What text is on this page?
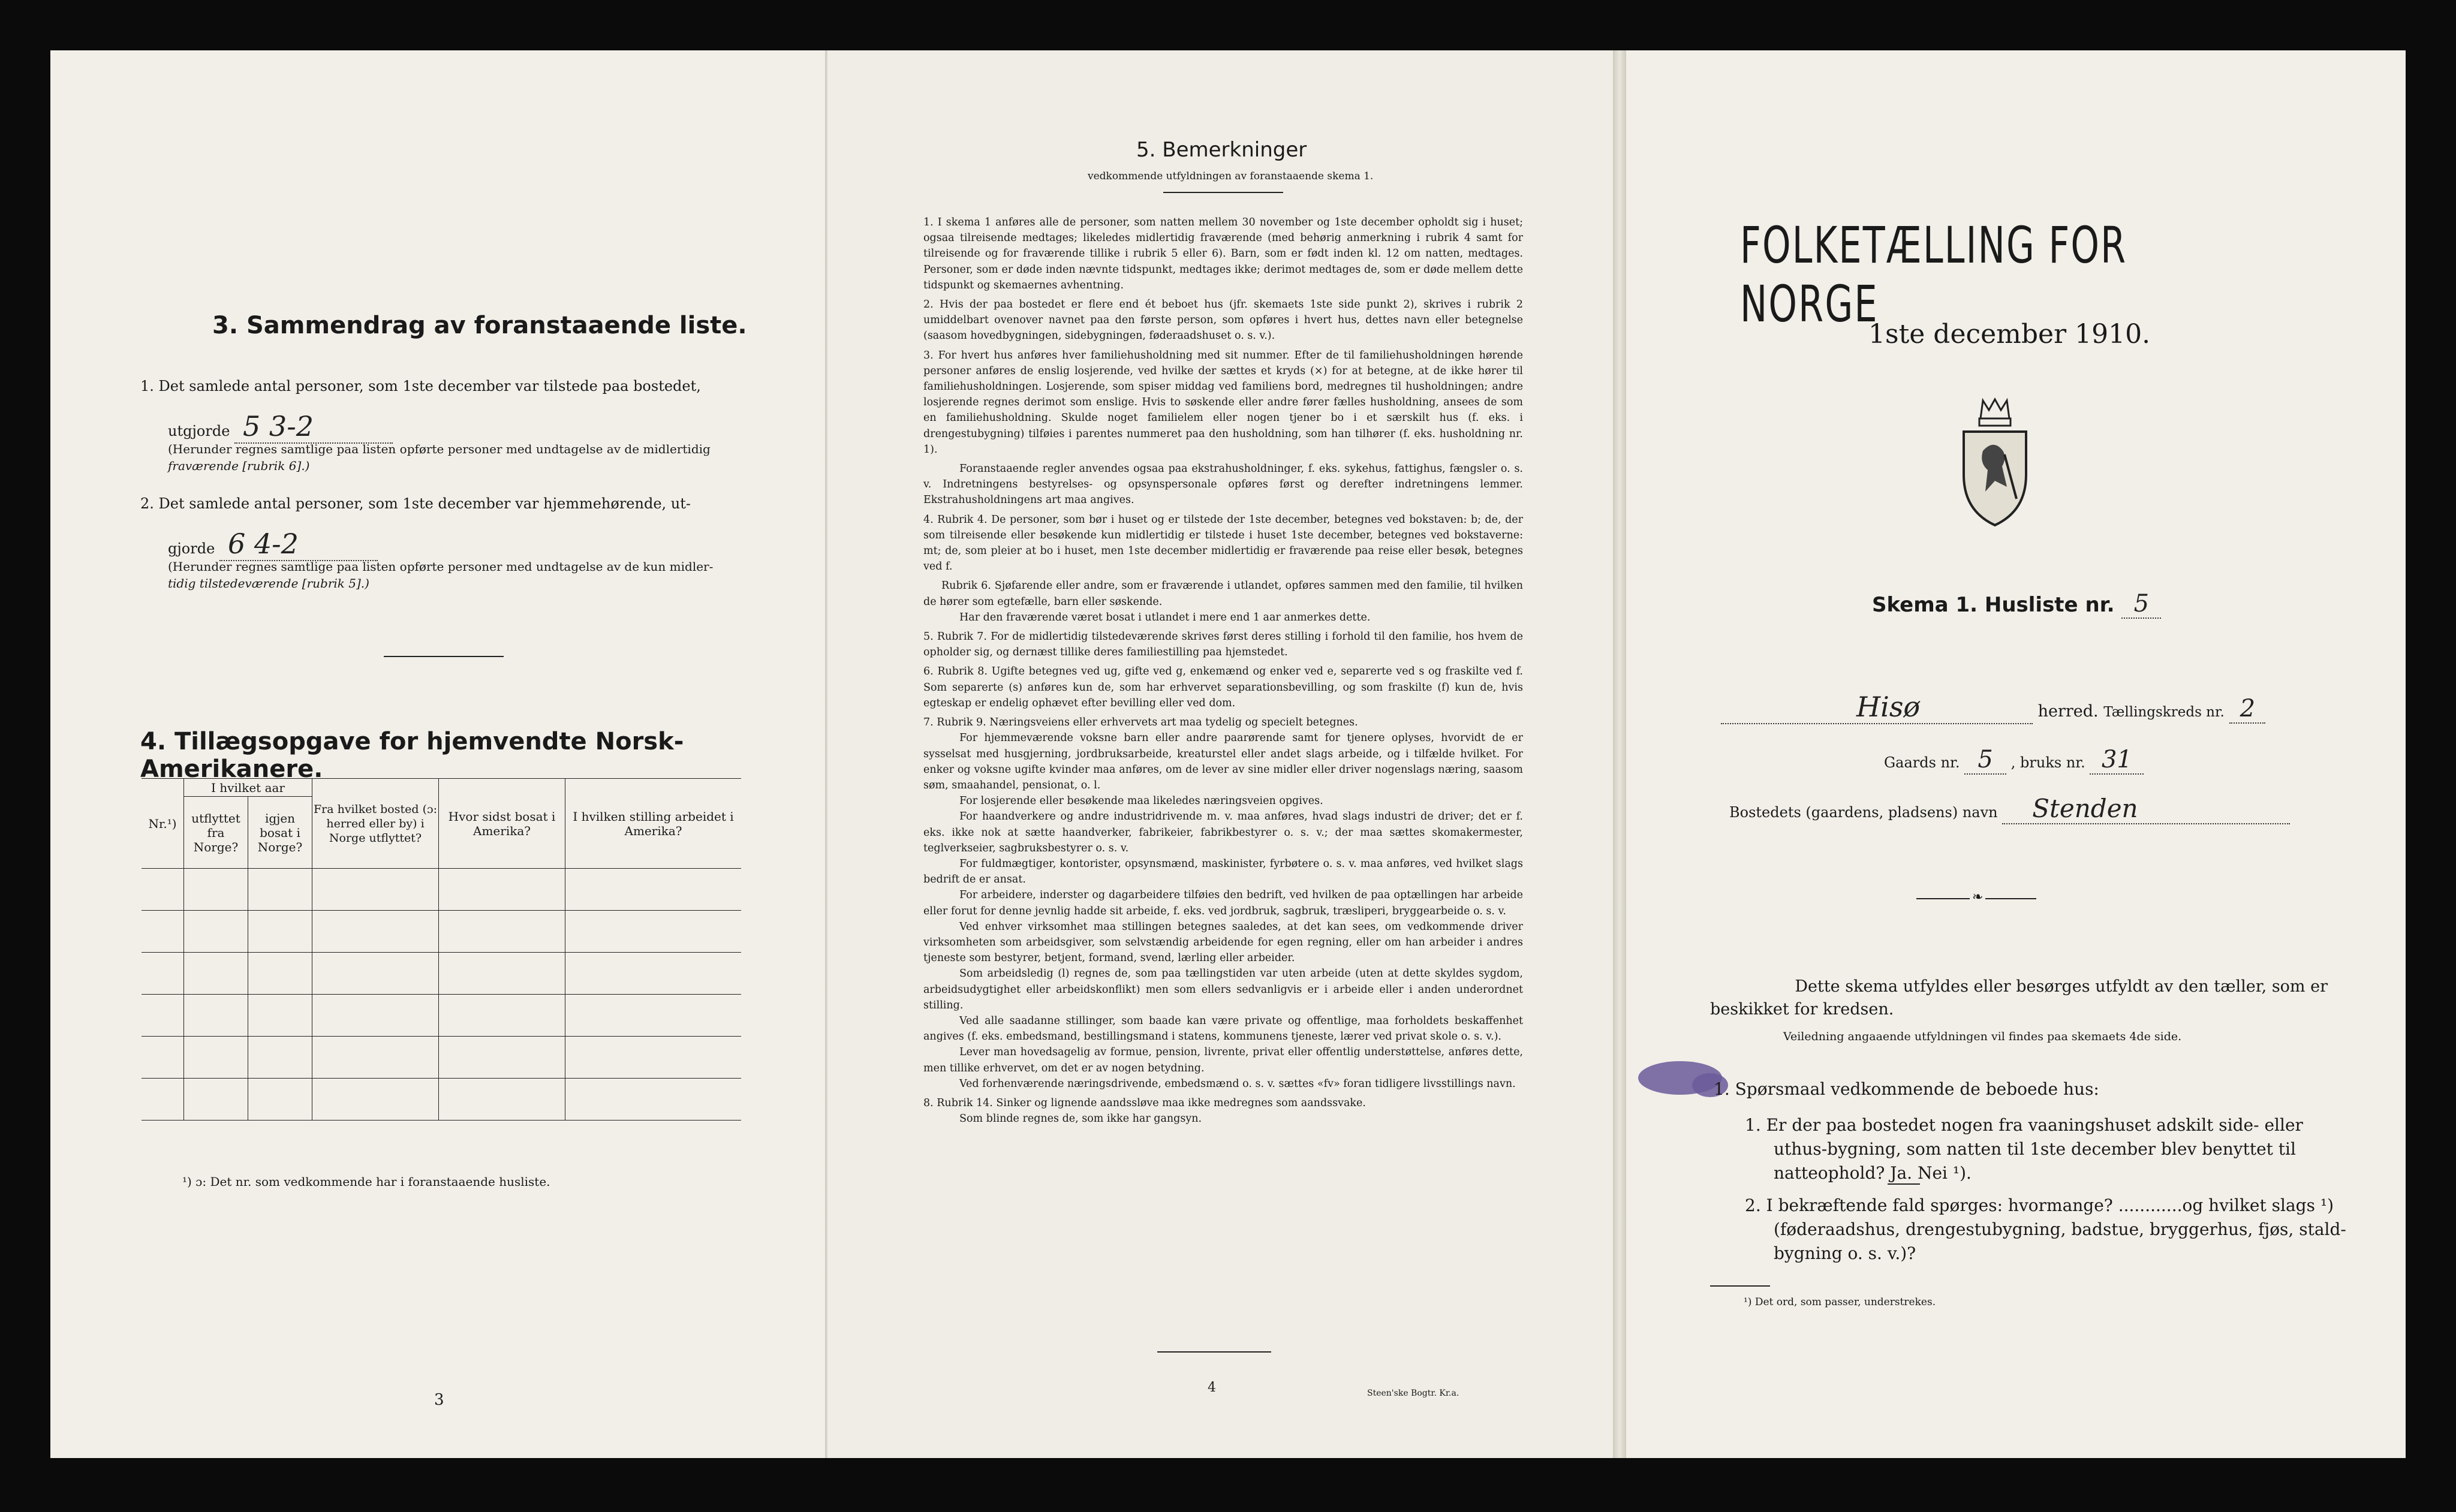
3. Sammendrag av foranstaaende liste.
1. Det samlede antal personer, som 1ste december var tilstede paa bostedet,
utgjorde 5 3-2
(Herunder regnes samtlige paa listen opførte personer med undtagelse av de midlertidig
fraværende [rubrik 6].)
2. Det samlede antal personer, som 1ste december var hjemmehørende, ut-
gjorde 6 4-2
(Herunder regnes samtlige paa listen opførte personer med undtagelse av de kun midler-
tidig tilstedeværende [rubrik 5].)
4. Tillægsopgave for hjemvendte Norsk-Amerikanere.
Nr.¹)	I hvilket aar		Fra hvilket bosted (ɔ: herred eller by) i Norge utflyttet?	Hvor sidst bosat i Amerika?	I hvilken stilling arbeidet i Amerika?
	utflyttet fra Norge?	igjen bosat i Norge?			

¹) ɔ: Det nr. som vedkommende har i foranstaaende husliste.
3
5. Bemerkninger
vedkommende utfyldningen av foranstaaende skema 1.

1. I skema 1 anføres alle de personer, som natten mellem 30 november og 1ste december opholdt sig i huset; ogsaa tilreisende medtages; likeledes midlertidig fraværende (med behørig anmerkning i rubrik 4 samt for tilreisende og for fraværende tillike i rubrik 5 eller 6). Barn, som er født inden kl. 12 om natten, medtages. Personer, som er døde inden nævnte tidspunkt, medtages ikke; derimot medtages de, som er døde mellem dette tidspunkt og skemaernes avhentning.

2. Hvis der paa bostedet er flere end ét beboet hus (jfr. skemaets 1ste side punkt 2), skrives i rubrik 2 umiddelbart ovenover navnet paa den første person, som opføres i hvert hus, dettes navn eller betegnelse (saasom hovedbygningen, sidebygningen, føderaadshuset o. s. v.).

3. For hvert hus anføres hver familiehusholdning med sit nummer. Efter de til familiehusholdningen hørende personer anføres de enslig losjerende, ved hvilke der sættes et kryds (×) for at betegne, at de ikke hører til familiehusholdningen. Losjerende, som spiser middag ved familiens bord, medregnes til husholdningen; andre losjerende regnes derimot som enslige. Hvis to søskende eller andre fører fælles husholdning, ansees de som en familiehusholdning. Skulde noget familielem eller nogen tjener bo i et særskilt hus (f. eks. i drengestubygning) tilføies i parentes nummeret paa den husholdning, som han tilhører (f. eks. husholdning nr. 1).

Foranstaaende regler anvendes ogsaa paa ekstrahusholdninger, f. eks. sykehus, fattighus, fængsler o. s. v. Indretningens bestyrelses- og opsynspersonale opføres først og derefter indretningens lemmer. Ekstrahusholdningens art maa angives.

4. Rubrik 4. De personer, som bør i huset og er tilstede der 1ste december, betegnes ved bokstaven: b; de, der som tilreisende eller besøkende kun midlertidig er tilstede i huset 1ste december, betegnes ved bokstaverne: mt; de, som pleier at bo i huset, men 1ste december midlertidig er fraværende paa reise eller besøk, betegnes ved f.

Rubrik 6. Sjøfarende eller andre, som er fraværende i utlandet, opføres sammen med den familie, til hvilken de hører som egtefælle, barn eller søskende.

Har den fraværende været bosat i utlandet i mere end 1 aar anmerkes dette.

5. Rubrik 7. For de midlertidig tilstedeværende skrives først deres stilling i forhold til den familie, hos hvem de opholder sig, og dernæst tillike deres familiestilling paa hjemstedet.

6. Rubrik 8. Ugifte betegnes ved ug, gifte ved g, enkemænd og enker ved e, separerte ved s og fraskilte ved f. Som separerte (s) anføres kun de, som har erhvervet separationsbevilling, og som fraskilte (f) kun de, hvis egteskap er endelig ophævet efter bevilling eller ved dom.

7. Rubrik 9. Næringsveiens eller erhvervets art maa tydelig og specielt betegnes.

For hjemmeværende voksne barn eller andre paarørende samt for tjenere oplyses, hvorvidt de er sysselsat med husgjerning, jordbruksarbeide, kreaturstel eller andet slags arbeide, og i tilfælde hvilket. For enker og voksne ugifte kvinder maa anføres, om de lever av sine midler eller driver nogenslags næring, saasom søm, smaahandel, pensionat, o. l.

For losjerende eller besøkende maa likeledes næringsveien opgives.

For haandverkere og andre industridrivende m. v. maa anføres, hvad slags industri de driver; det er f. eks. ikke nok at sætte haandverker, fabrikeier, fabrikbestyrer o. s. v.; der maa sættes skomakermester, teglverkseier, sagbruksbestyrer o. s. v.

For fuldmægtiger, kontorister, opsynsmænd, maskinister, fyrbøtere o. s. v. maa anføres, ved hvilket slags bedrift de er ansat.

For arbeidere, inderster og dagarbeidere tilføies den bedrift, ved hvilken de paa optællingen har arbeide eller forut for denne jevnlig hadde sit arbeide, f. eks. ved jordbruk, sagbruk, træsliperi, bryggearbeide o. s. v.

Ved enhver virksomhet maa stillingen betegnes saaledes, at det kan sees, om vedkommende driver virksomheten som arbeidsgiver, som selvstændig arbeidende for egen regning, eller om han arbeider i andres tjeneste som bestyrer, betjent, formand, svend, lærling eller arbeider.

Som arbeidsledig (l) regnes de, som paa tællingstiden var uten arbeide (uten at dette skyldes sygdom, arbeidsudygtighet eller arbeidskonflikt) men som ellers sedvanligvis er i arbeide eller i anden underordnet stilling.

Ved alle saadanne stillinger, som baade kan være private og offentlige, maa forholdets beskaffenhet angives (f. eks. embedsmand, bestillingsmand i statens, kommunens tjeneste, lærer ved privat skole o. s. v.).

Lever man hovedsagelig av formue, pension, livrente, privat eller offentlig understøttelse, anføres dette, men tillike erhvervet, om det er av nogen betydning.

Ved forhenværende næringsdrivende, embedsmænd o. s. v. sættes «fv» foran tidligere livsstillings navn.

8. Rubrik 14. Sinker og lignende aandssløve maa ikke medregnes som aandssvake.

Som blinde regnes de, som ikke har gangsyn.

4	Steen'ske Bogtr. Kr.a.
FOLKETÆLLING FOR NORGE
1ste december 1910.
Skema 1. Husliste nr. 5
Hisø	herred. Tællingskreds nr. 2
Gaards nr. 5 , bruks nr. 31
Bostedets (gaardens, pladsens) navn Stenden
❧
Dette skema utfyldes eller besørges utfyldt av den tæller, som er
beskikket for kredsen.
Veiledning angaaende utfyldningen vil findes paa skemaets 4de side.
1. Spørsmaal vedkommende de beboede hus:
1. Er der paa bostedet nogen fra vaaningshuset adskilt side- eller
uthus-bygning, som natten til 1ste december blev benyttet til
natteophold? Ja. Nei ¹).
2. I bekræftende fald spørges: hvormange? ............og hvilket slags ¹)
(føderaadshus, drengestubygning, badstue, bryggerhus, fjøs, stald-
bygning o. s. v.)?
¹) Det ord, som passer, understrekes.
